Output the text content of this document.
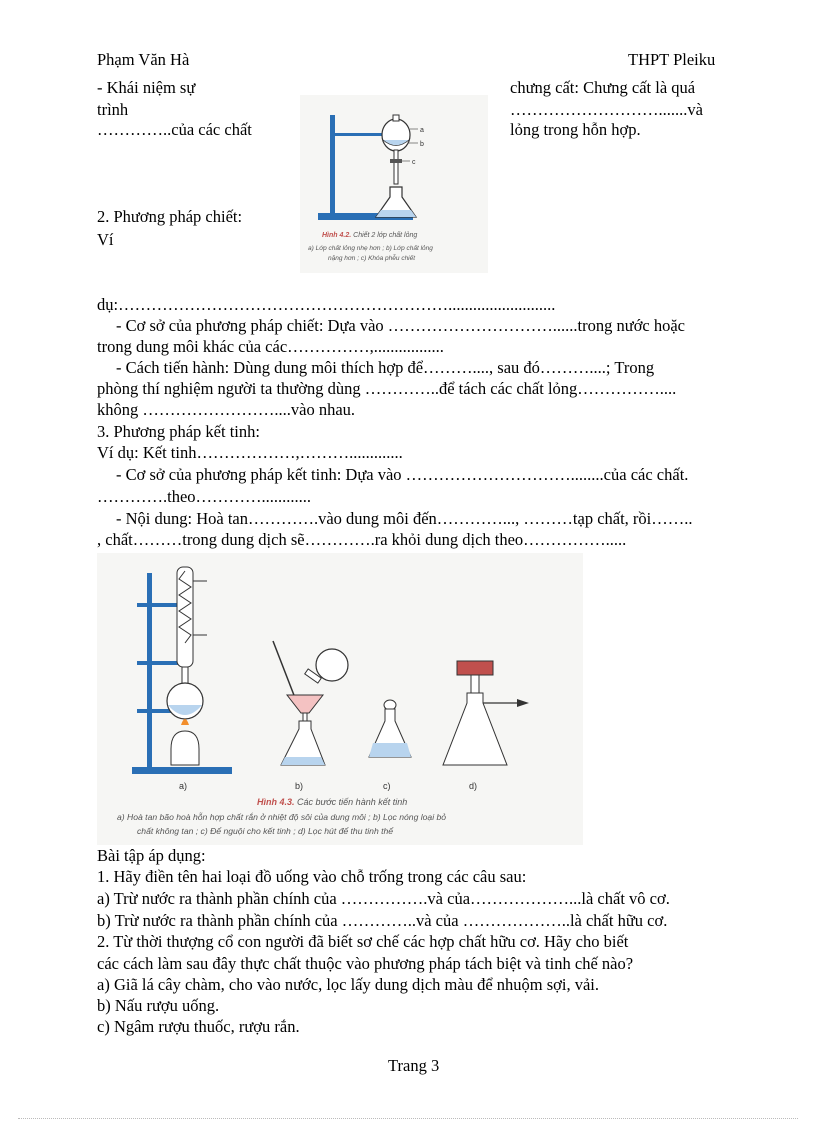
Phạm Văn Hà	THPT Pleiku
- Khái niệm sự	chưng cất: Chưng cất là quá
trình	……………………….......và
…………..của các chất	lỏng trong hỗn hợp.
a
b
c
Hình 4.2. Chiết 2 lớp chất lỏng
a) Lớp chất lỏng nhẹ hơn ; b) Lớp chất lỏng
nặng hơn ; c) Khóa phễu chiết
2. Phương pháp chiết:
Ví
dụ:……………………………………………………..........................
- Cơ sở của phương pháp chiết: Dựa vào …………………………......trong nước hoặc
trong dung môi khác của các……………,.................
- Cách tiến hành: Dùng dung môi thích hợp để………...., sau đó………....; Trong
phòng thí nghiệm người ta thường dùng …………..để tách các chất lỏng……………....
không ……………………....vào nhau.
3. Phương pháp kết tinh:
Ví dụ: Kết tinh………………,……….............
- Cơ sở của phương pháp kết tinh: Dựa vào …………………………........của các chất.
………….theo…………............
- Nội dung: Hoà tan………….vào dung môi đến…………..., ………tạp chất, rồi……..
, chất………trong dung dịch sẽ………….ra khỏi dung dịch theo…………….....
a)	b)	c)	d)
Hình 4.3. Các bước tiến hành kết tinh
a) Hoà tan bão hoà hỗn hợp chất rắn ở nhiệt độ sôi của dung môi ; b) Lọc nóng loại bỏ
chất không tan ; c) Để nguội cho kết tinh ; d) Lọc hút để thu tinh thể
Bài tập áp dụng:
1. Hãy điền tên hai loại đồ uống vào chỗ trống trong các câu sau:
a) Trừ nước ra thành phần chính của …………….và của………………...là chất vô cơ.
b) Trừ nước ra thành phần chính của …………..và của ………………..là chất hữu cơ.
2. Từ thời thượng cổ con người đã biết sơ chế các hợp chất hữu cơ. Hãy cho biết
các cách làm sau đây thực chất thuộc vào phương pháp tách biệt và tinh chế nào?
a) Giã lá cây chàm, cho vào nước, lọc lấy dung dịch màu để nhuộm sợi, vải.
b) Nấu rượu uống.
c) Ngâm rượu thuốc, rượu rắn.
Trang 3
